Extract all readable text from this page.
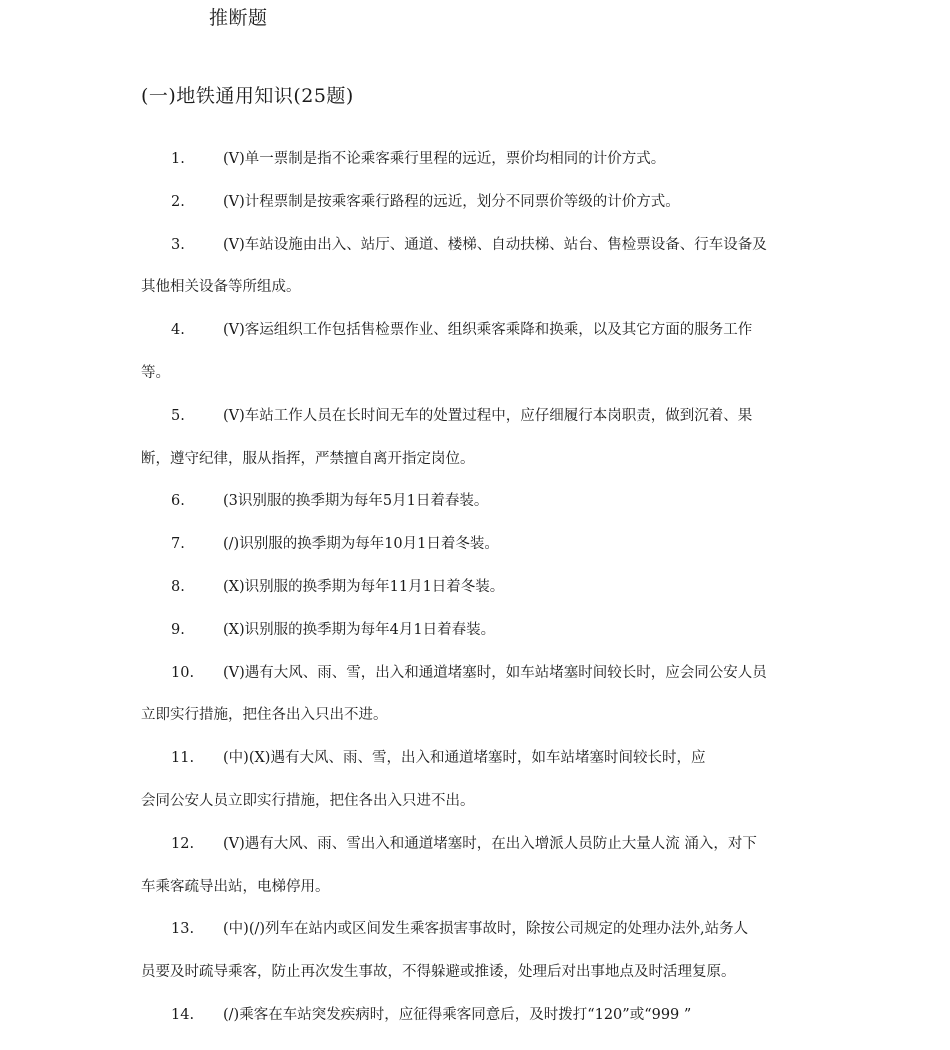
推断题
(一)地铁通用知识(25题)
1.	(V)单一票制是指不论乘客乘行里程的远近，票价均相同的计价方式。
2.	(V)计程票制是按乘客乘行路程的远近，划分不同票价等级的计价方式。
3.	(V)车站设施由出入、站厅、通道、楼梯、自动扶梯、站台、售检票设备、行车设备及
其他相关设备等所组成。
4.	(V)客运组织工作包括售检票作业、组织乘客乘降和换乘，以及其它方面的服务工作
等。
5.	(V)车站工作人员在长时间无车的处置过程中，应仔细履行本岗职责，做到沉着、果
断，遵守纪律，服从指挥，严禁擅自离开指定岗位。
6.	(3识别服的换季期为每年5月1日着春装。
7.	(/)识别服的换季期为每年10月1日着冬装。
8.	(X)识别服的换季期为每年11月1日着冬装。
9.	(X)识别服的换季期为每年4月1日着春装。
10. (V)遇有大风、雨、雪，出入和通道堵塞时，如车站堵塞时间较长时，应会同公安人员
立即实行措施，把住各出入只出不进。
11. (中)(X)遇有大风、雨、雪，出入和通道堵塞时，如车站堵塞时间较长时，应
会同公安人员立即实行措施，把住各出入只进不出。
12. (V)遇有大风、雨、雪出入和通道堵塞时，在出入增派人员防止大量人流 涌入，对下
车乘客疏导出站，电梯停用。
13. (中)(/)列车在站内或区间发生乘客损害事故时，除按公司规定的处理办法外,站务人
员要及时疏导乘客，防止再次发生事故，不得躲避或推诿，处理后对出事地点及时活理复原。
14. (/)乘客在车站突发疾病时，应征得乘客同意后，及时拨打“120”或“999 ”
